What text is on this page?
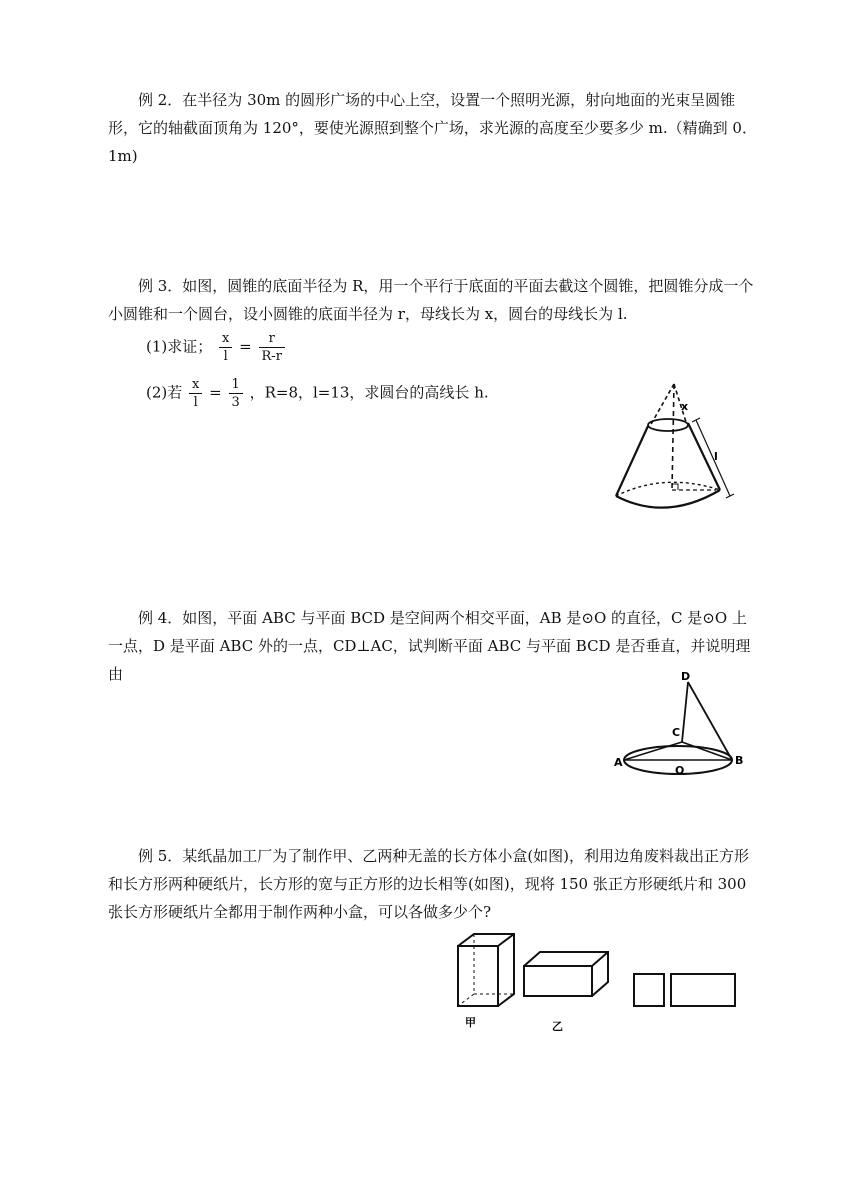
例 2．在半径为 30m 的圆形广场的中心上空，设置一个照明光源，射向地面的光束呈圆锥形，它的轴截面顶角为 120°，要使光源照到整个广场，求光源的高度至少要多少 m.（精确到 0．1m)

例 3．如图，圆锥的底面半径为 R，用一个平行于底面的平面去截这个圆锥，把圆锥分成一个小圆锥和一个圆台，设小圆锥的底面半径为 r，母线长为 x，圆台的母线长为 l.

(1)求证； $\frac{x}{l} = \frac{r}{R-r}$
(2)若 $\frac{x}{l} = \frac{1}{3}$ ，R=8，l=13，求圆台的高线长 h.
x
l

例 4．如图，平面 ABC 与平面 BCD 是空间两个相交平面，AB 是⊙O 的直径，C 是⊙O 上一点，D 是平面 ABC 外的一点，CD⊥AC，试判断平面 ABC 与平面 BCD 是否垂直，并说明理由	D
C
A	B
O

例 5．某纸晶加工厂为了制作甲、乙两种无盖的长方体小盒(如图)，利用边角废料裁出正方形和长方形两种硬纸片，长方形的宽与正方形的边长相等(如图)，现将 150 张正方形硬纸片和 300 张长方形硬纸片全都用于制作两种小盒，可以各做多少个?

甲	乙
